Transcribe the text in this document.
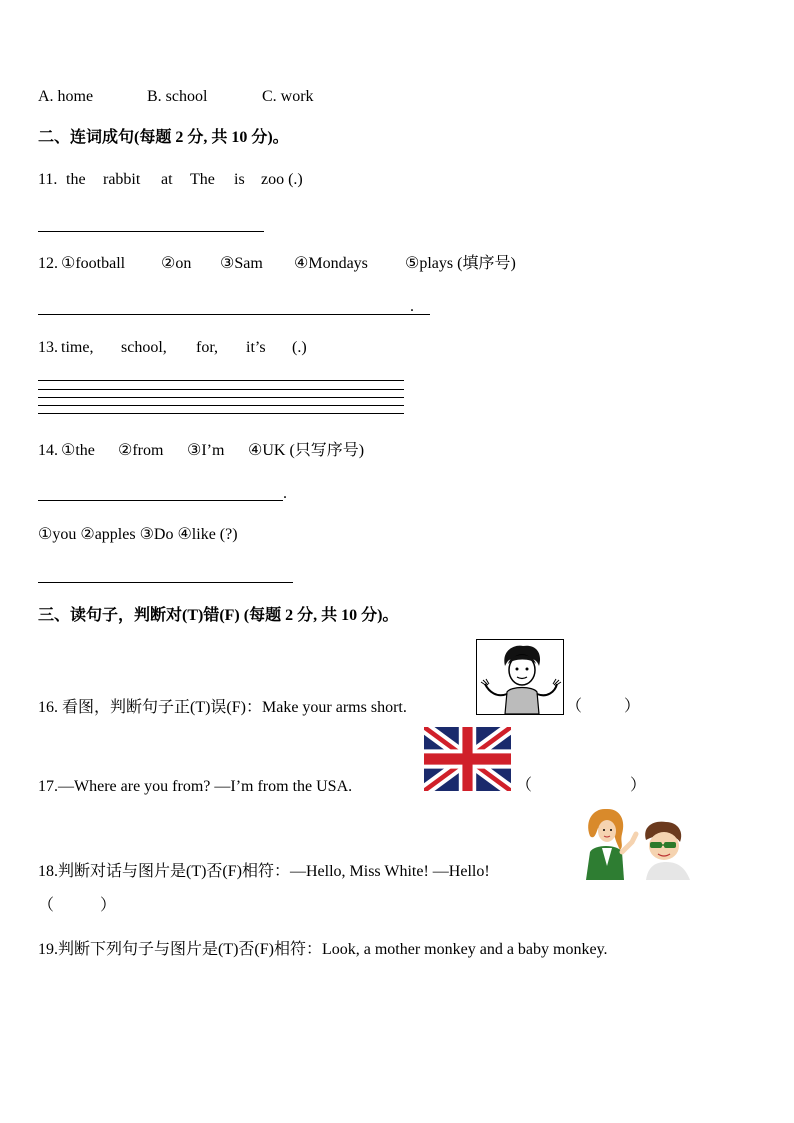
A. home	B. school	C. work
二、连词成句(每题 2 分, 共 10 分)。
11. the rabbit at The is zoo (.)
12. ①football ②on ③Sam ④Mondays ⑤plays (填序号)
.
13. time, school, for, it’s (.)
14. ①the ②from ③I’m ④UK (只写序号)
.
①you ②apples ③Do ④like (?)
三、读句子，判断对(T)错(F) (每题 2 分, 共 10 分)。
16. 看图，判断句子正(T)误(F)：Make your arms short.	（	）
17.—Where are you from? —I’m from the USA.	（	）
18.判断对话与图片是(T)否(F)相符：—Hello, Miss White! —Hello!
（	）
19.判断下列句子与图片是(T)否(F)相符：Look, a mother monkey and a baby monkey.
